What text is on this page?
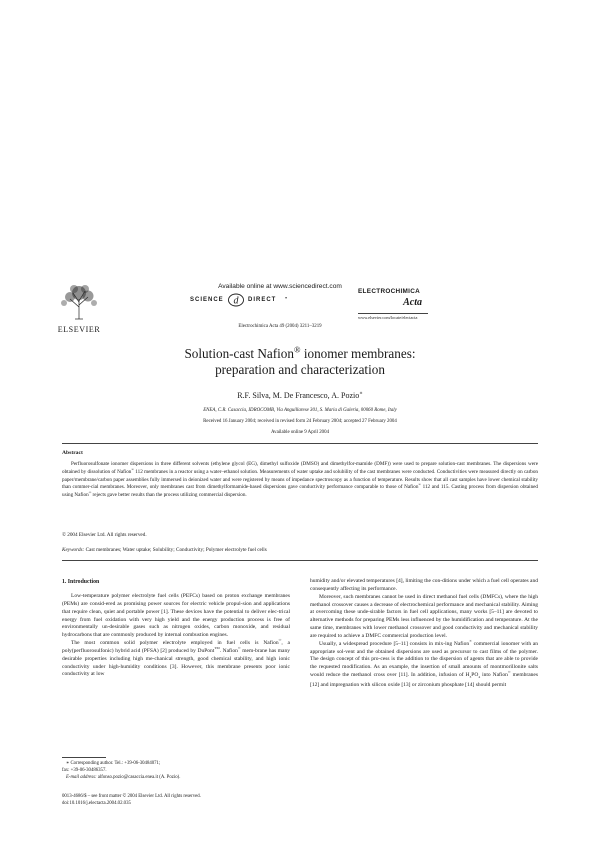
ELSEVIER
Available online at www.sciencedirect.com
SCIENCE d DIRECT •
Electrochimica Acta 49 (2004) 3211–3219
ELECTROCHIMICA
Acta
www.elsevier.com/locate/electacta
Solution-cast Nafion® ionomer membranes:
preparation and characterization
R.F. Silva, M. De Francesco, A. Pozio∗
ENEA, C.R. Casaccia, IDROCOMB, Via Anguillarese 301, S. Maria di Galeria, 00060 Rome, Italy
Received 16 January 2004; received in revised form 24 February 2004; accepted 27 February 2004
Available online 9 April 2004
Abstract

Perfluorosulfonate ionomer dispersions in three different solvents (ethylene glycol (EG), dimethyl sulfoxide (DMSO) and dimethylfor-mamide (DMF)) were used to prepare solution-cast membranes. The dispersions were obtained by dissolution of Nafion® 112 membranes in a reactor using a water–ethanol solution. Measurements of water uptake and solubility of the cast membranes were conducted. Conductivities were measured directly on carbon paper/membrane/carbon paper assemblies fully immersed in deionized water and were registered by means of impedance spectroscopy as a function of temperature. Results show that all cast samples have lower chemical stability than commer-cial membranes. Moreover, only membranes cast from dimethylformamide-based dispersions gave conductivity performance comparable to those of Nafion® 112 and 115. Casting process from dispersion obtained using Nafion® rejects gave better results than the process utilizing commercial dispersion.

© 2004 Elsevier Ltd. All rights reserved.
Keywords: Cast membranes; Water uptake; Solubility; Conductivity; Polymer electrolyte fuel cells
1. Introduction

Low-temperature polymer electrolyte fuel cells (PEFCs) based on proton exchange membranes (PEMs) are consid-ered as promising power sources for electric vehicle propul-sion and applications that require clean, quiet and portable power [1]. These devices have the potential to deliver elec-trical energy from fuel oxidation with very high yield and the energy production process is free of environmentally un-desirable gases such as nitrogen oxides, carbon monoxide, and residual hydrocarbons that are commonly produced by internal combustion engines.

The most common solid polymer electrolyte employed in fuel cells is Nafion®, a poly(perfluorosulfonic) hybrid acid (PFSA) [2] produced by DuPont™. Nafion® mem-brane has many desirable properties including high me-chanical strength, good chemical stability, and high ionic conductivity under high-humidity conditions [3]. However, this membrane presents poor ionic conductivity at low

humidity and/or elevated temperatures [4], limiting the con-ditions under which a fuel cell operates and consequently affecting its performance.

Moreover, such membranes cannot be used in direct methanol fuel cells (DMFCs), where the high methanol crossover causes a decrease of electrochemical performance and mechanical stability. Aiming at overcoming these unde-sirable factors in fuel cell applications, many works [5–11] are devoted to alternative methods for preparing PEMs less influenced by the humidification and temperature. At the same time, membranes with lower methanol crossover and good conductivity and mechanical stability are required to achieve a DMFC commercial production level.

Usually, a widespread procedure [5–11] consists in mix-ing Nafion® commercial ionomer with an appropriate sol-vent and the obtained dispersions are used as precursor to cast films of the polymer. The design concept of this pro-cess is the addition to the dispersion of agents that are able to provide the requested modification. As an example, the insertion of small amounts of montmorillonite salts would reduce the methanol cross over [11]. In addition, infusion of $H_3PO_4$ into Nafion® membranes [12] and impregnation with silicon oxide [13] or zirconium phosphate [14] should permit

∗ Corresponding author. Tel.: +39-06-30484071;
fax: +39-06-30486357.
E-mail address: alfonso.pozio@casaccia.enea.it (A. Pozio).
0013-4686/$ – see front matter © 2004 Elsevier Ltd. All rights reserved.
doi:10.1016/j.electacta.2004.02.035
